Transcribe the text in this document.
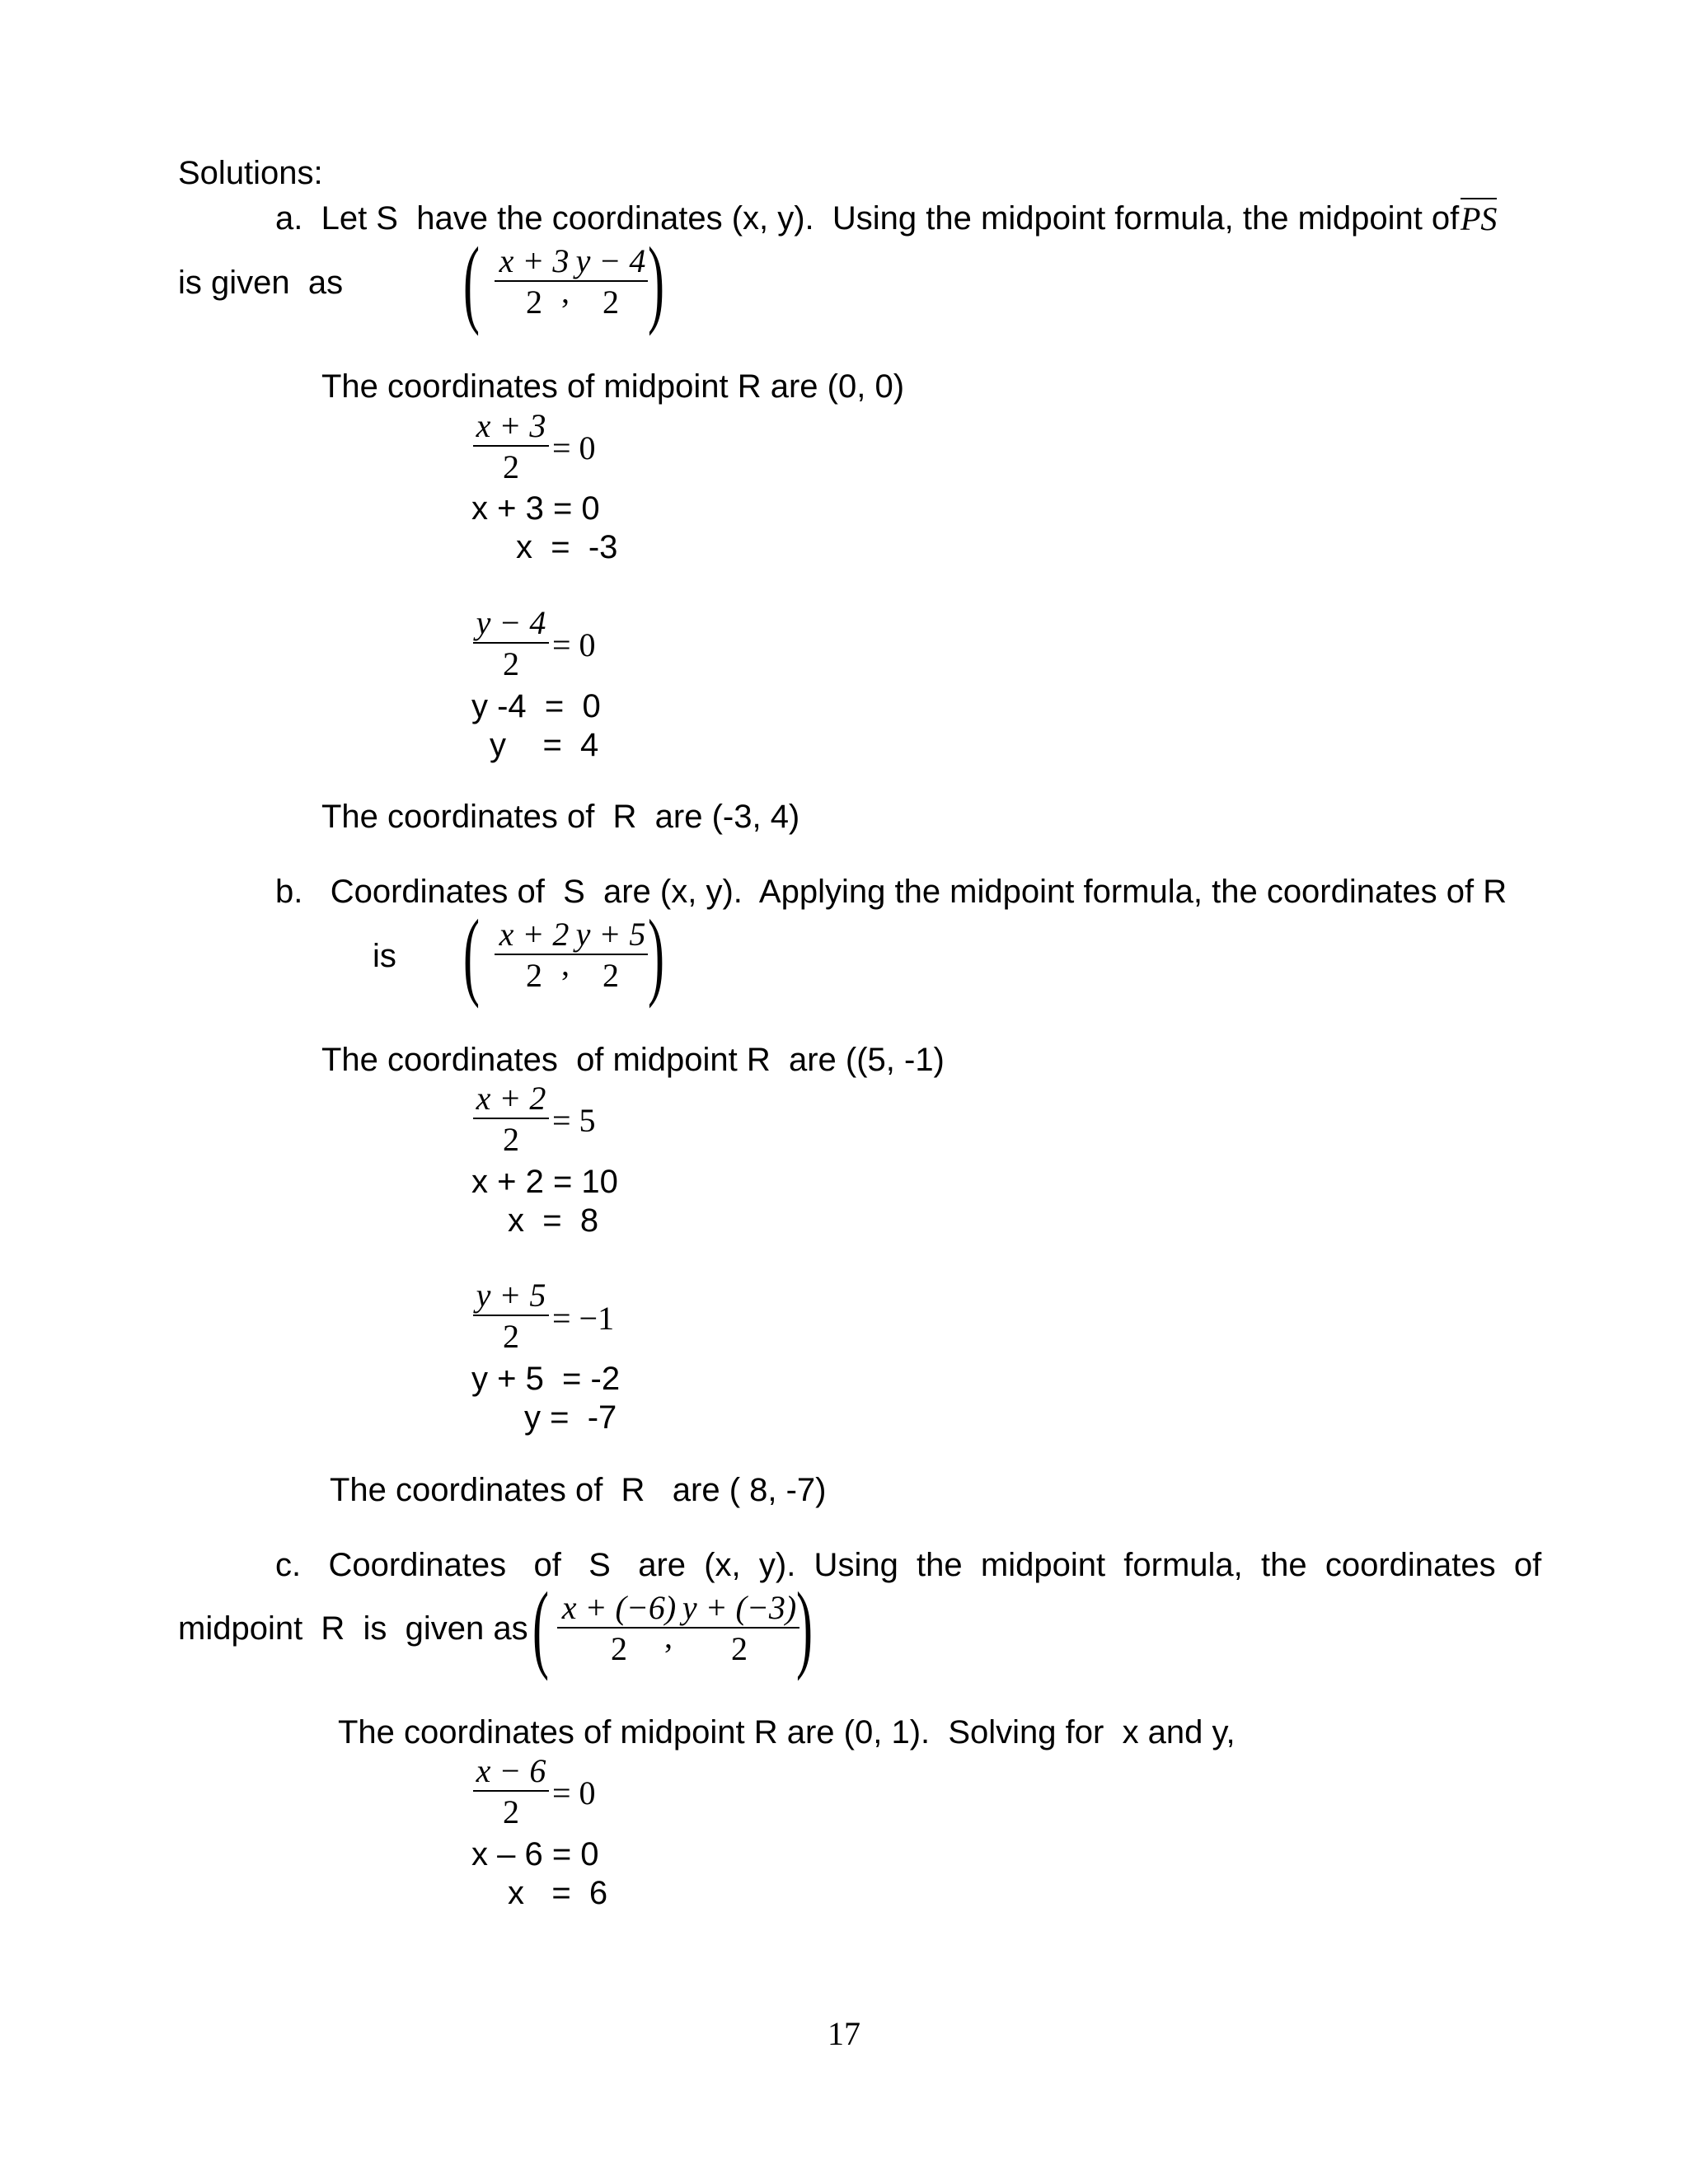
Solutions:
a.  Let S  have the coordinates (x, y).  Using the midpoint formula, the midpoint of PS
is given  as ( x + 3
2 ,
y − 4
2 )
The coordinates of midpoint R are (0, 0)
x + 3
2
= 0
x + 3 = 0
x  =  -3
y − 4
2
= 0
y -4  =  0
y    =  4
The coordinates of  R  are (-3, 4)
b.   Coordinates of  S  are (x, y).  Applying the midpoint formula, the coordinates of R
is ( x + 2
2 ,
y + 5
2 )
The coordinates  of midpoint R  are ((5, -1)
x + 2
2
= 5
x + 2 = 10
x  =  8
y + 5
2 = −1
y + 5  = -2
y =  -7
The coordinates of  R   are ( 8, -7)
c.   Coordinates   of   S   are  (x,  y).  Using  the  midpoint  formula,  the  coordinates  of
midpoint  R  is  given as ( x + (−6)
2 ,
y + (−3)
2 )
The coordinates of midpoint R are (0, 1).  Solving for  x and y,
x − 6
2
= 0
x – 6 = 0
x   =  6
17
